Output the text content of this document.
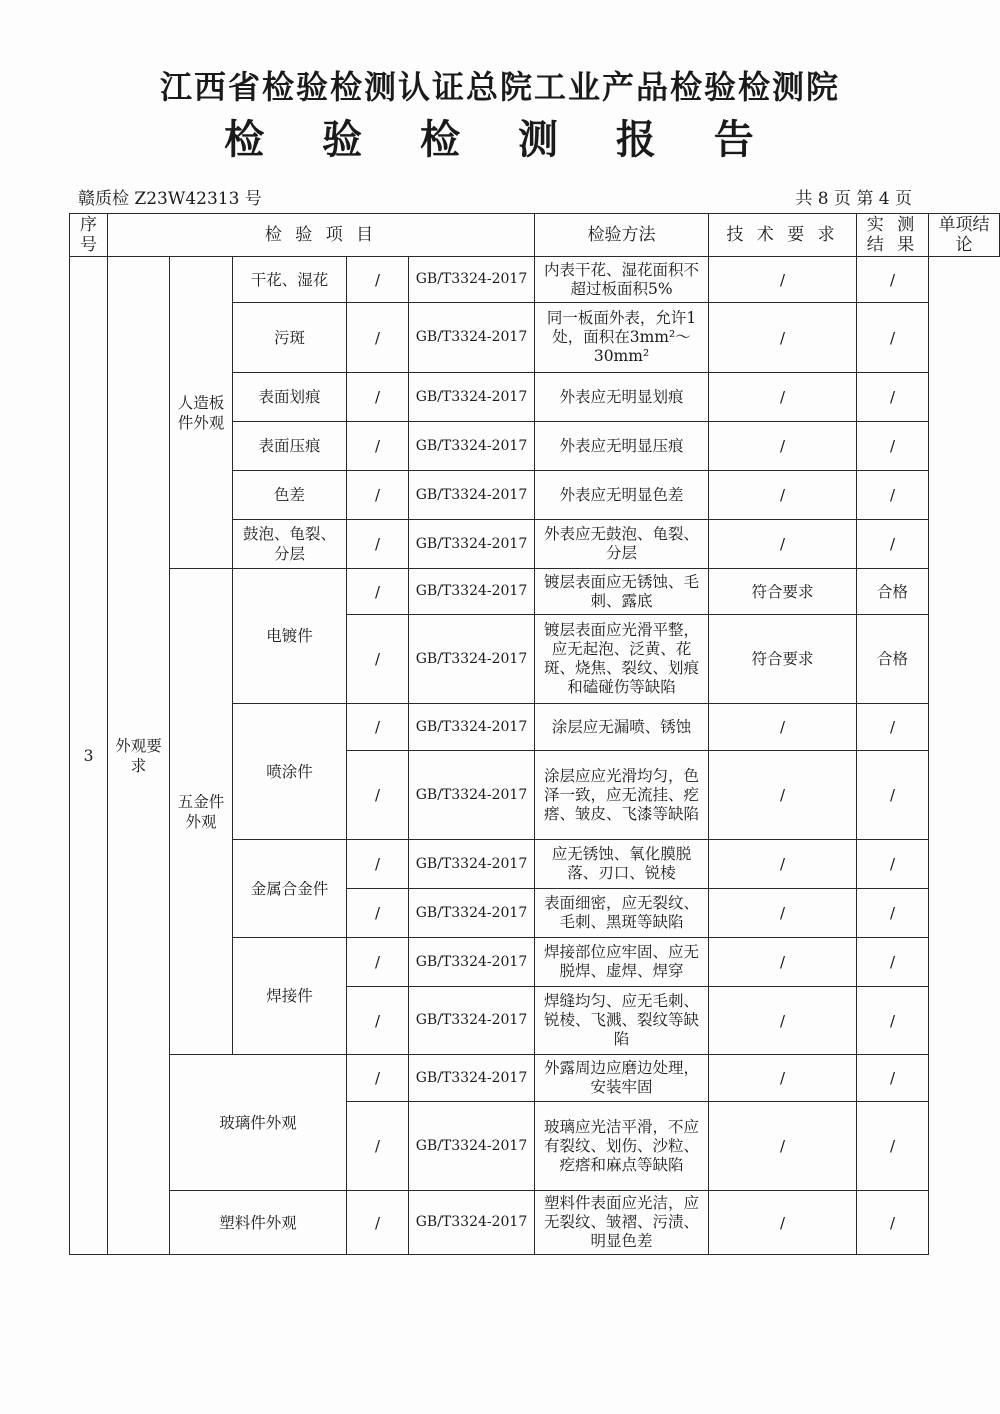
江西省检验检测认证总院工业产品检验检测院
检 验 检 测 报 告
赣质检 Z23W42313 号	共 8 页 第 4 页
序号	检 验 项 目					检验方法	技 术 要 求	实 测 结 果	单项结论
3	外观要求	人造板件外观	干花、湿花	/	GB/T3324-2017	内表干花、湿花面积不超过板面积5%	/	/	
			污斑	/	GB/T3324-2017	同一板面外表，允许1处，面积在3mm²～30mm²	/	/	
			表面划痕	/	GB/T3324-2017	外表应无明显划痕	/	/	
			表面压痕	/	GB/T3324-2017	外表应无明显压痕	/	/	
			色差	/	GB/T3324-2017	外表应无明显色差	/	/	
			鼓泡、龟裂、分层	/	GB/T3324-2017	外表应无鼓泡、龟裂、分层	/	/	
		五金件外观	电镀件	/	GB/T3324-2017	镀层表面应无锈蚀、毛刺、露底	符合要求	合格	
				/	GB/T3324-2017	镀层表面应光滑平整，应无起泡、泛黄、花斑、烧焦、裂纹、划痕和磕碰伤等缺陷	符合要求	合格	
			喷涂件	/	GB/T3324-2017	涂层应无漏喷、锈蚀	/	/	
				/	GB/T3324-2017	涂层应应光滑均匀，色泽一致，应无流挂、疙瘩、皱皮、飞漆等缺陷	/	/	
			金属合金件	/	GB/T3324-2017	应无锈蚀、氧化膜脱落、刃口、锐棱	/	/	
				/	GB/T3324-2017	表面细密，应无裂纹、毛刺、黑斑等缺陷	/	/	
			焊接件	/	GB/T3324-2017	焊接部位应牢固、应无脱焊、虚焊、焊穿	/	/	
				/	GB/T3324-2017	焊缝均匀、应无毛刺、锐棱、飞溅、裂纹等缺陷	/	/	
		玻璃件外观		/	GB/T3324-2017	外露周边应磨边处理，安装牢固	/	/	
				/	GB/T3324-2017	玻璃应光洁平滑，不应有裂纹、划伤、沙粒、疙瘩和麻点等缺陷	/	/	
		塑料件外观		/	GB/T3324-2017	塑料件表面应光洁，应无裂纹、皱褶、污渍、明显色差	/	/	
